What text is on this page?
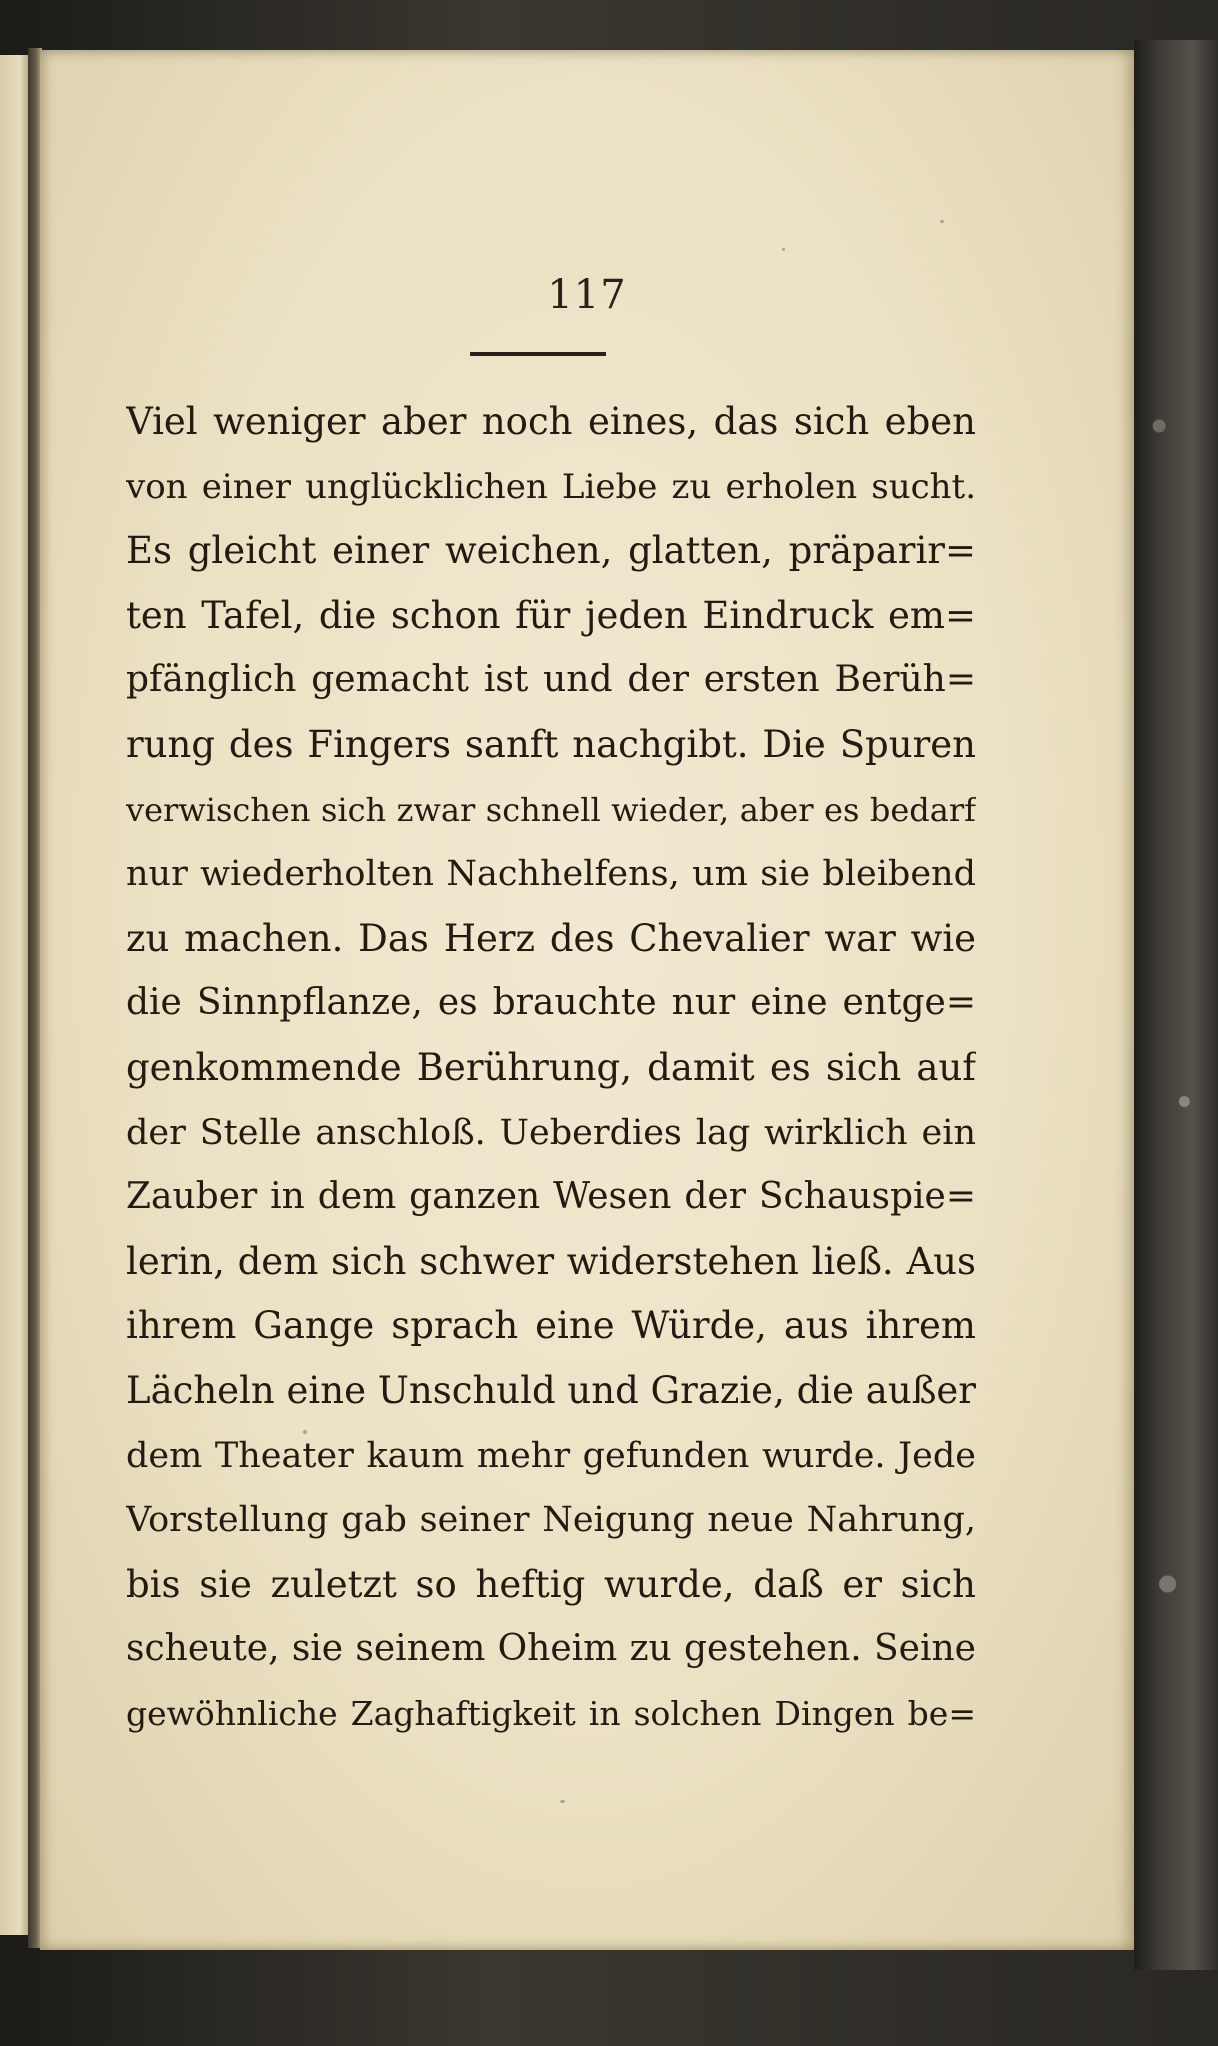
117
Viel weniger aber noch eines, das sich eben
von einer unglücklichen Liebe zu erholen sucht.
Es gleicht einer weichen, glatten, präparir=
ten Tafel, die schon für jeden Eindruck em=
pfänglich gemacht ist und der ersten Berüh=
rung des Fingers sanft nachgibt. Die Spuren
verwischen sich zwar schnell wieder, aber es bedarf
nur wiederholten Nachhelfens, um sie bleibend
zu machen. Das Herz des Chevalier war wie
die Sinnpflanze, es brauchte nur eine entge=
genkommende Berührung, damit es sich auf
der Stelle anschloß. Ueberdies lag wirklich ein
Zauber in dem ganzen Wesen der Schauspie=
lerin, dem sich schwer widerstehen ließ. Aus
ihrem Gange sprach eine Würde, aus ihrem
Lächeln eine Unschuld und Grazie, die außer
dem Theater kaum mehr gefunden wurde. Jede
Vorstellung gab seiner Neigung neue Nahrung,
bis sie zuletzt so heftig wurde, daß er sich
scheute, sie seinem Oheim zu gestehen. Seine
gewöhnliche Zaghaftigkeit in solchen Dingen be=
